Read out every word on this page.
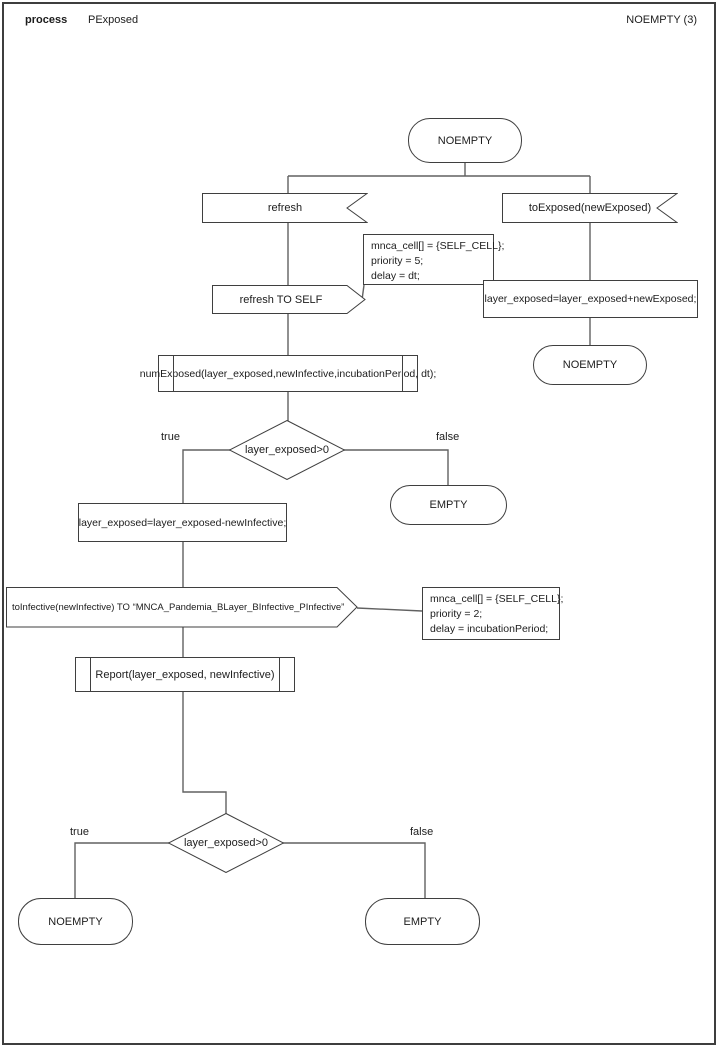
process PExposed	NOEMPTY (3)
NOEMPTY
refresh	toExposed(newExposed)
mnca_cell[] = {SELF_CELL};
priority = 5;
delay = dt;
refresh TO SELF	layer_exposed=layer_exposed+newExposed;
NOEMPTY
numExposed(layer_exposed,newInfective,incubationPeriod, dt);
layer_exposed>0
true	false
EMPTY
layer_exposed=layer_exposed-newInfective;
toInfective(newInfective) TO “MNCA_Pandemia_BLayer_BInfective_PInfective”
mnca_cell[] = {SELF_CELL};
priority = 2;
delay = incubationPeriod;
Report(layer_exposed, newInfective)
layer_exposed>0
true	false
NOEMPTY	EMPTY
